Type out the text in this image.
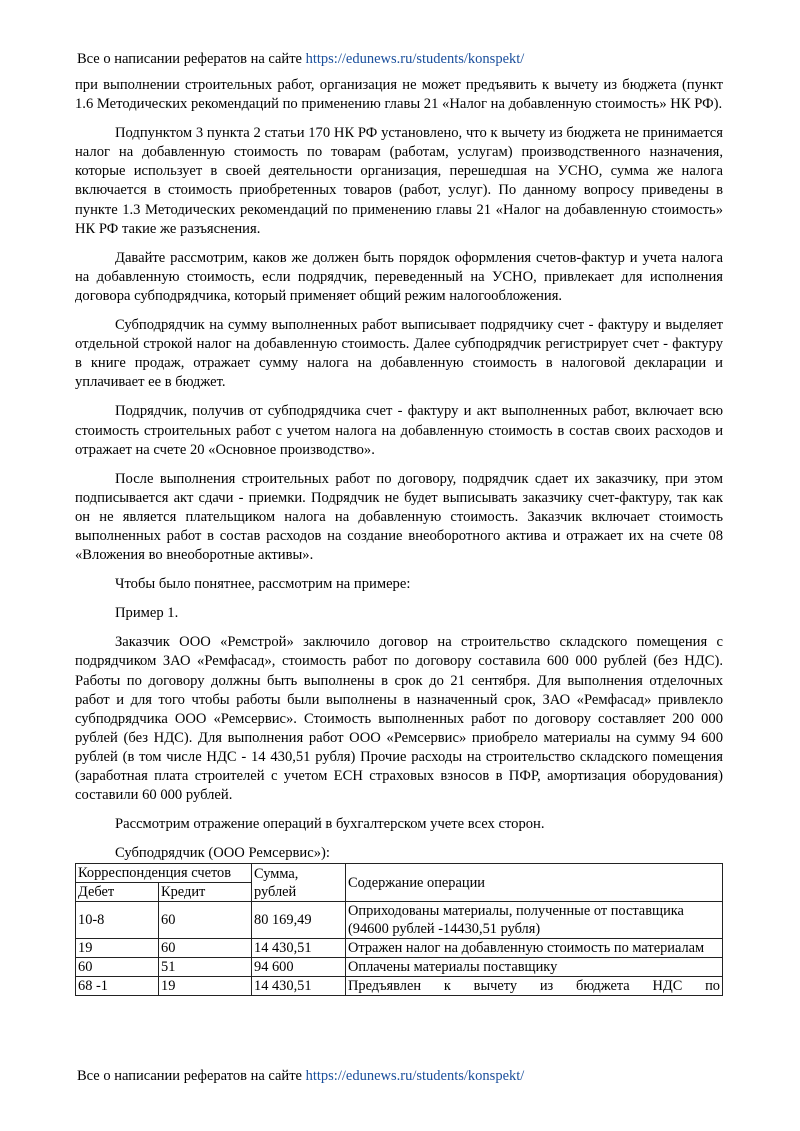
Все о написании рефератов на сайте https://edunews.ru/students/konspekt/

при выполнении строительных работ, организация не может предъявить к вычету из бюджета (пункт 1.6 Методических рекомендаций по применению главы 21 «Налог на добавленную стоимость» НК РФ).

Подпунктом 3 пункта 2 статьи 170 НК РФ установлено, что к вычету из бюджета не принимается налог на добавленную стоимость по товарам (работам, услугам) производственного назначения, которые использует в своей деятельности организация, перешедшая на УСНО, сумма же налога включается в стоимость приобретенных товаров (работ, услуг). По данному вопросу приведены в пункте 1.3 Методических рекомендаций по применению главы 21 «Налог на добавленную стоимость» НК РФ такие же разъяснения.

Давайте рассмотрим, каков же должен быть порядок оформления счетов-фактур и учета налога на добавленную стоимость, если подрядчик, переведенный на УСНО, привлекает для исполнения договора субподрядчика, который применяет общий режим налогообложения.

Субподрядчик на сумму выполненных работ выписывает подрядчику счет - фактуру и выделяет отдельной строкой налог на добавленную стоимость. Далее субподрядчик регистрирует счет - фактуру в книге продаж, отражает сумму налога на добавленную стоимость в налоговой декларации и уплачивает ее в бюджет.

Подрядчик, получив от субподрядчика счет - фактуру и акт выполненных работ, включает всю стоимость строительных работ с учетом налога на добавленную стоимость в состав своих расходов и отражает на счете 20 «Основное производство».

После выполнения строительных работ по договору, подрядчик сдает их заказчику, при этом подписывается акт сдачи - приемки. Подрядчик не будет выписывать заказчику счет-фактуру, так как он не является плательщиком налога на добавленную стоимость. Заказчик включает стоимость выполненных работ в состав расходов на создание внеоборотного актива и отражает их на счете 08 «Вложения во внеоборотные активы».

Чтобы было понятнее, рассмотрим на примере:

Пример 1.

Заказчик ООО «Ремстрой» заключило договор на строительство складского помещения с подрядчиком ЗАО «Ремфасад», стоимость работ по договору составила 600 000 рублей (без НДС). Работы по договору должны быть выполнены в срок до 21 сентября. Для выполнения отделочных работ и для того чтобы работы были выполнены в назначенный срок, ЗАО «Ремфасад» привлекло субподрядчика ООО «Ремсервис». Стоимость выполненных работ по договору составляет 200 000 рублей (без НДС). Для выполнения работ ООО «Ремсервис» приобрело материалы на сумму 94 600 рублей (в том числе НДС - 14 430,51 рубля) Прочие расходы на строительство складского помещения (заработная плата строителей с учетом ЕСН страховых взносов в ПФР, амортизация оборудования) составили 60 000 рублей.

Рассмотрим отражение операций в бухгалтерском учете всех сторон.

Субподрядчик (ООО Ремсервис»):

Корреспонденция счетов		Сумма, рублей	Содержание операции
Дебет	Кредит		
10-8	60	80 169,49	Оприходованы материалы, полученные от поставщика
(94600 рублей -14430,51 рубля)

19	60	14 430,51	Отражен налог на добавленную стоимость по материалам
60	51	94 600	Оплачены материалы поставщику
68 -1	19	14 430,51	Предъявлен к вычету из бюджета НДС по
Все о написании рефератов на сайте https://edunews.ru/students/konspekt/
